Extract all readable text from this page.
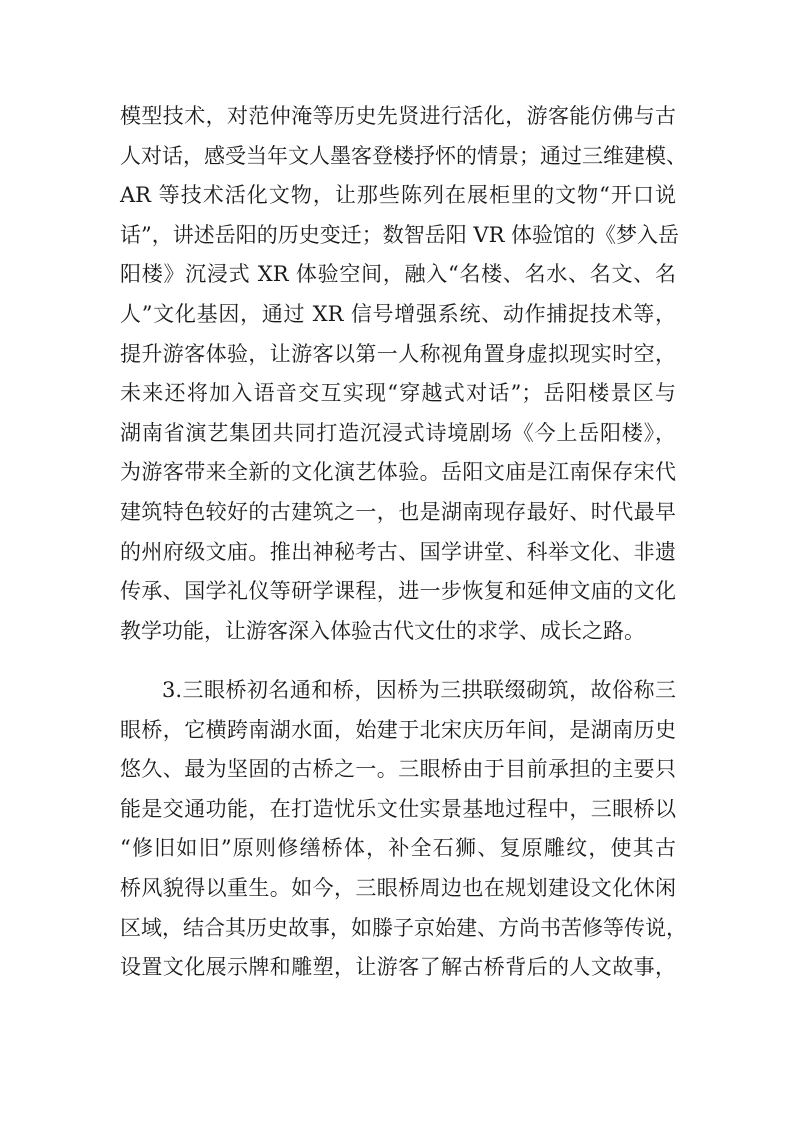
模型技术，对范仲淹等历史先贤进行活化，游客能仿佛与古
人对话，感受当年文人墨客登楼抒怀的情景；通过三维建模、
AR 等技术活化文物，让那些陈列在展柜里的文物“开口说
话”，讲述岳阳的历史变迁；数智岳阳 VR 体验馆的《梦入岳
阳楼》沉浸式 XR 体验空间，融入“名楼、名水、名文、名
人”文化基因，通过 XR 信号增强系统、动作捕捉技术等，
提升游客体验，让游客以第一人称视角置身虚拟现实时空，
未来还将加入语音交互实现“穿越式对话”；岳阳楼景区与
湖南省演艺集团共同打造沉浸式诗境剧场《今上岳阳楼》，
为游客带来全新的文化演艺体验。岳阳文庙是江南保存宋代
建筑特色较好的古建筑之一，也是湖南现存最好、时代最早
的州府级文庙。推出神秘考古、国学讲堂、科举文化、非遗
传承、国学礼仪等研学课程，进一步恢复和延伸文庙的文化
教学功能，让游客深入体验古代文仕的求学、成长之路。
3.三眼桥初名通和桥，因桥为三拱联缀砌筑，故俗称三
眼桥，它横跨南湖水面，始建于北宋庆历年间，是湖南历史
悠久、最为坚固的古桥之一。三眼桥由于目前承担的主要只
能是交通功能，在打造忧乐文仕实景基地过程中，三眼桥以
“修旧如旧”原则修缮桥体，补全石狮、复原雕纹，使其古
桥风貌得以重生。如今，三眼桥周边也在规划建设文化休闲
区域，结合其历史故事，如滕子京始建、方尚书苦修等传说，
设置文化展示牌和雕塑，让游客了解古桥背后的人文故事，
